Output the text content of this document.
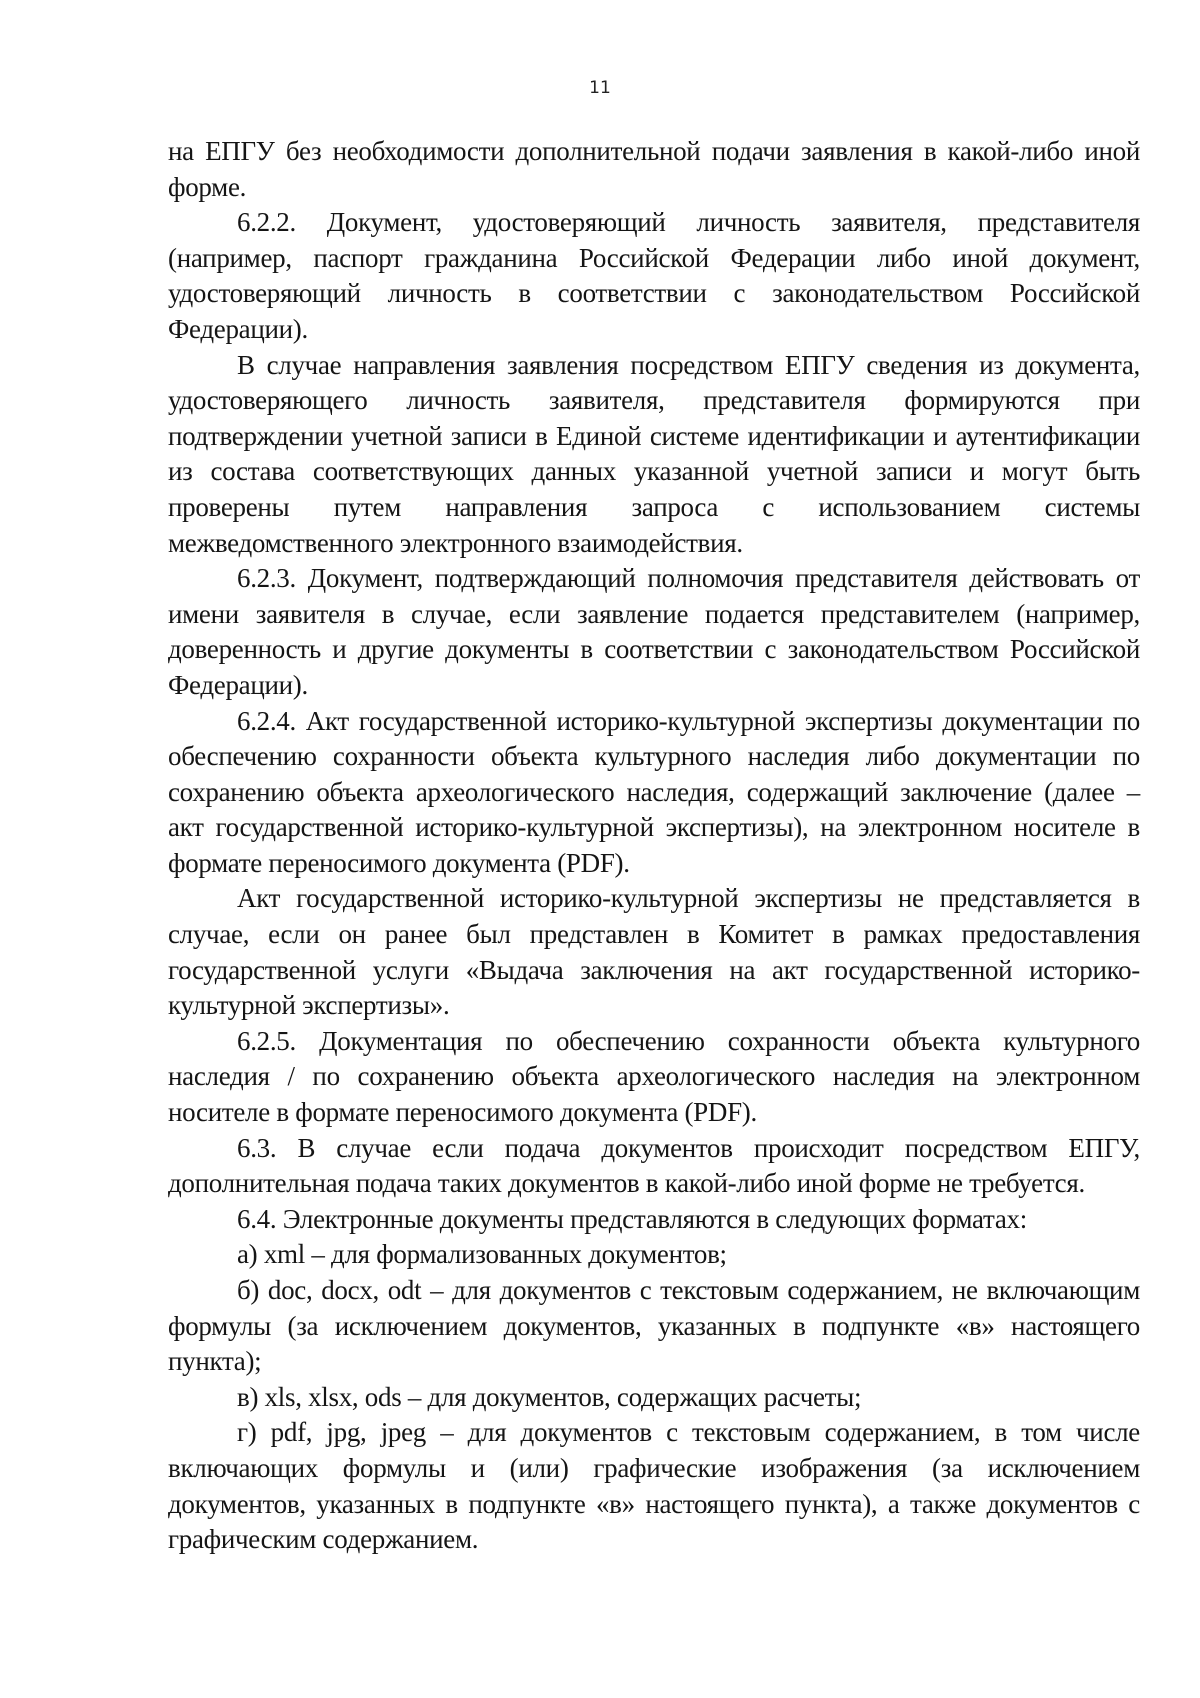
11

на ЕПГУ без необходимости дополнительной подачи заявления в какой-либо иной форме.

6.2.2. Документ, удостоверяющий личность заявителя, представителя (например, паспорт гражданина Российской Федерации либо иной документ, удостоверяющий личность в соответствии с законодательством Российской Федерации).

В случае направления заявления посредством ЕПГУ сведения из документа, удостоверяющего личность заявителя, представителя формируются при подтверждении учетной записи в Единой системе идентификации и аутентификации из состава соответствующих данных указанной учетной записи и могут быть проверены путем направления запроса с использованием системы межведомственного электронного взаимодействия.

6.2.3. Документ, подтверждающий полномочия представителя действовать от имени заявителя в случае, если заявление подается представителем (например, доверенность и другие документы в соответствии с законодательством Российской Федерации).

6.2.4. Акт государственной историко-культурной экспертизы документации по обеспечению сохранности объекта культурного наследия либо документации по сохранению объекта археологического наследия, содержащий заключение (далее – акт государственной историко-культурной экспертизы), на электронном носителе в формате переносимого документа (PDF).

Акт государственной историко-культурной экспертизы не представляется в случае, если он ранее был представлен в Комитет в рамках предоставления государственной услуги «Выдача заключения на акт государственной историко-культурной экспертизы».

6.2.5. Документация по обеспечению сохранности объекта культурного наследия / по сохранению объекта археологического наследия на электронном носителе в формате переносимого документа (PDF).

6.3. В случае если подача документов происходит посредством ЕПГУ, дополнительная подача таких документов в какой-либо иной форме не требуется.

6.4. Электронные документы представляются в следующих форматах:

а) xml – для формализованных документов;

б) doc, docx, odt – для документов с текстовым содержанием, не включающим формулы (за исключением документов, указанных в подпункте «в» настоящего пункта);

в) xls, xlsx, ods – для документов, содержащих расчеты;

г) pdf, jpg, jpeg – для документов с текстовым содержанием, в том числе включающих формулы и (или) графические изображения (за исключением документов, указанных в подпункте «в» настоящего пункта), а также документов с графическим содержанием.
